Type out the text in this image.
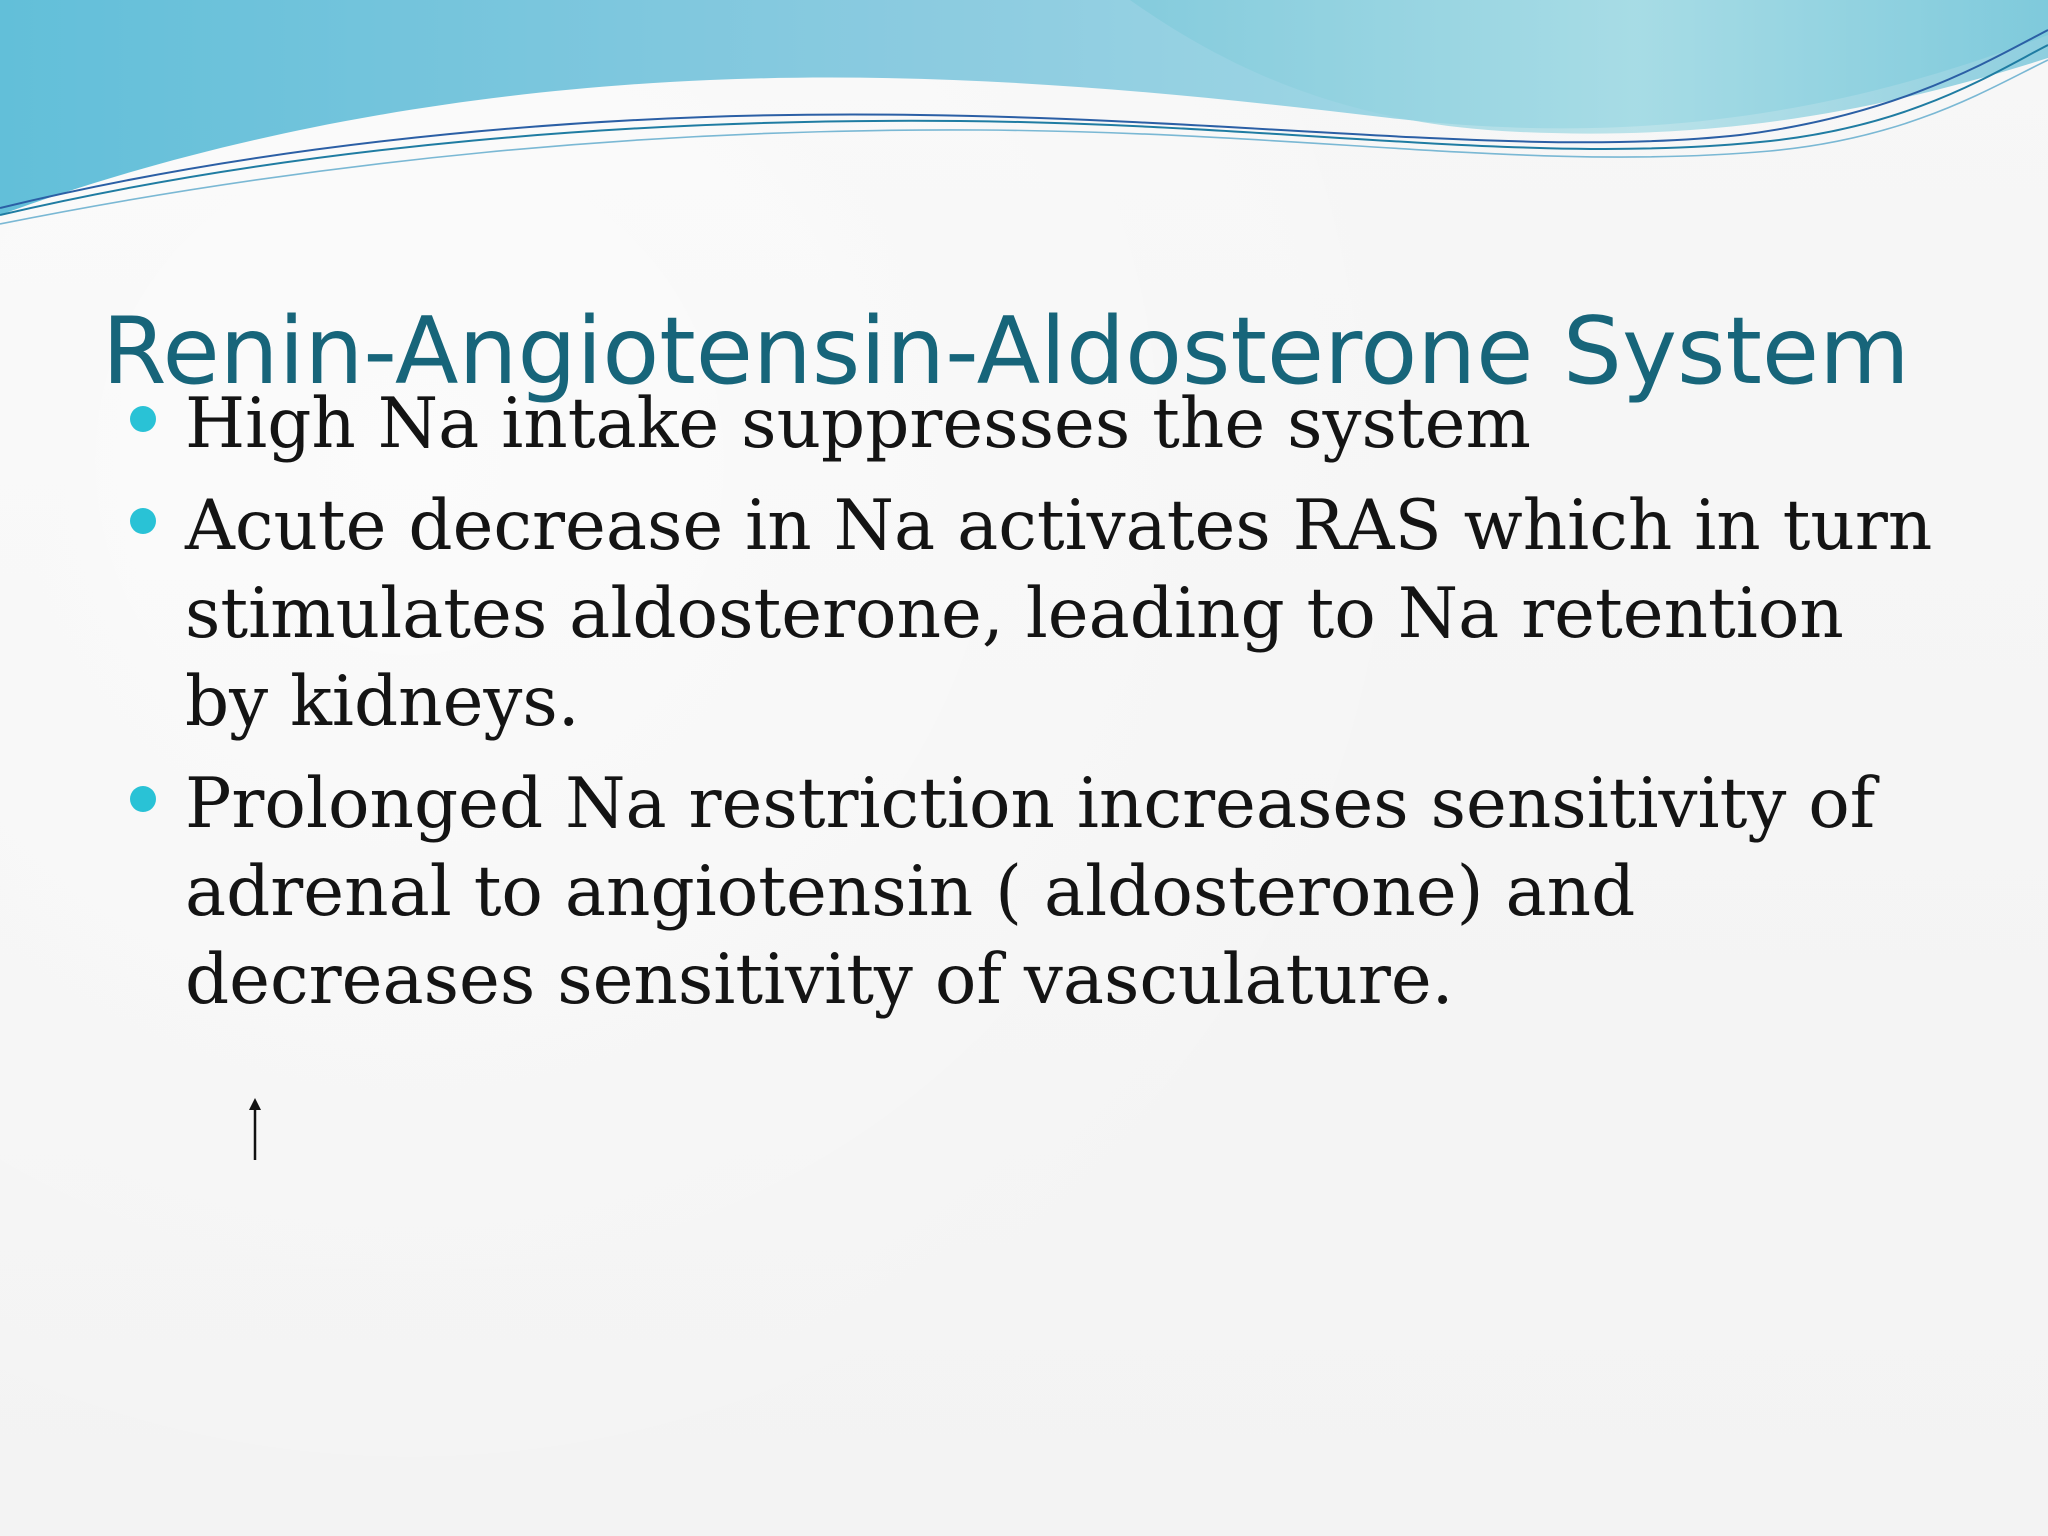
Renin-Angiotensin-Aldosterone System
High Na intake suppresses the system
Acute decrease in Na activates RAS which in turn stimulates aldosterone, leading to Na retention by kidneys.
Prolonged Na restriction increases sensitivity of adrenal to angiotensin ( aldosterone) and decreases sensitivity of vasculature.
